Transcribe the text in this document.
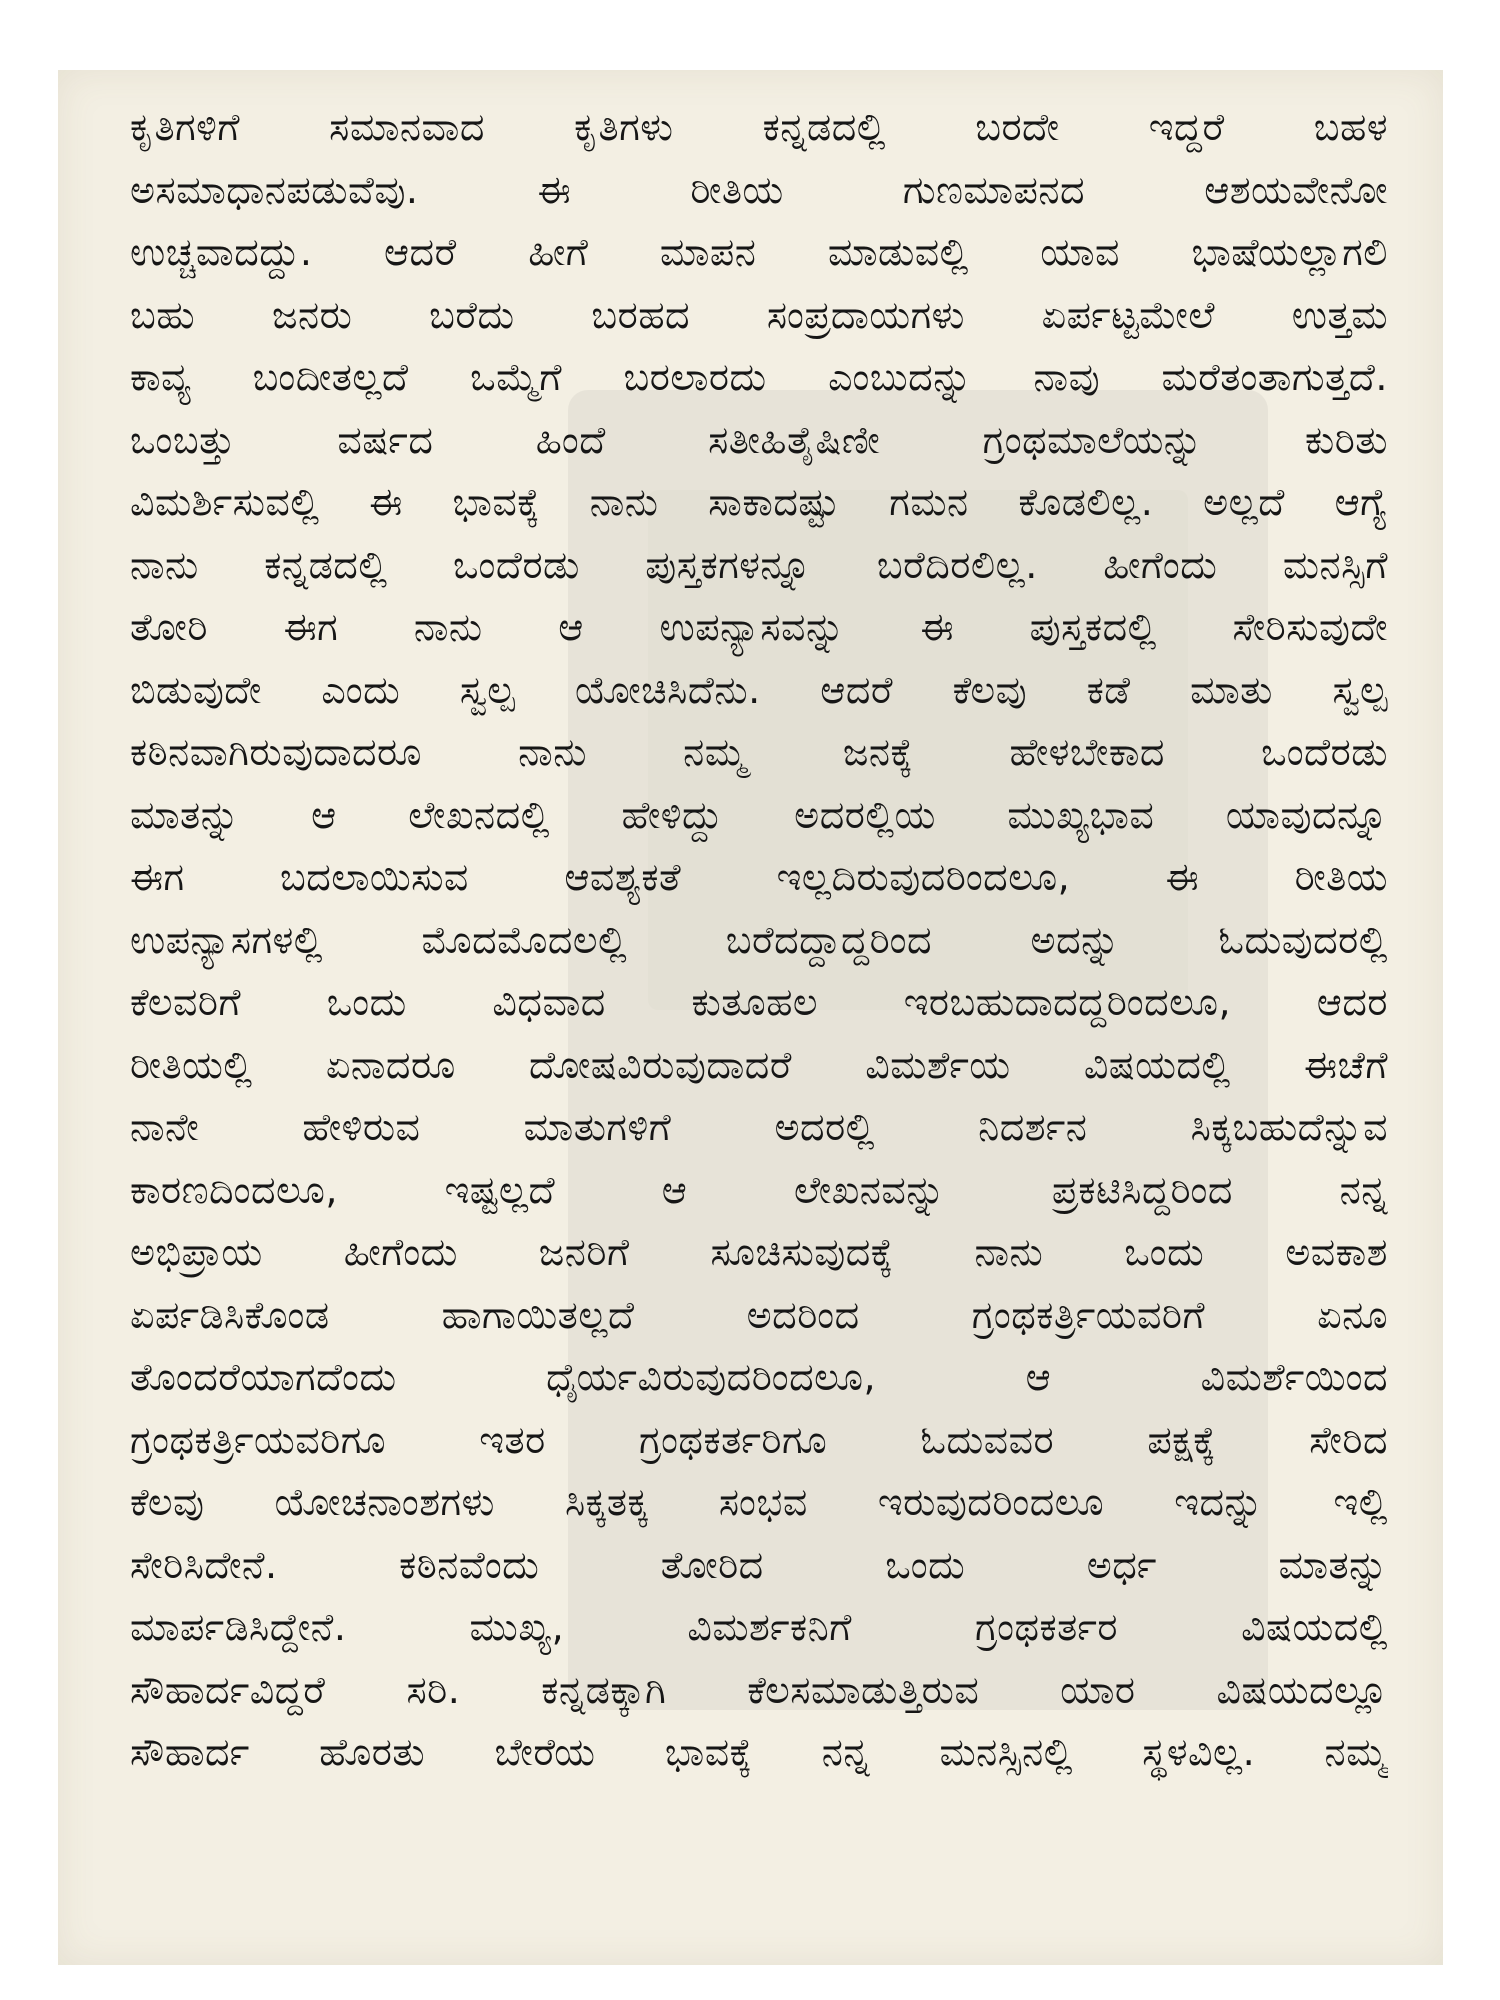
ಕೃತಿಗಳಿಗೆ ಸಮಾನವಾದ ಕೃತಿಗಳು ಕನ್ನಡದಲ್ಲಿ ಬರದೇ ಇದ್ದರೆ ಬಹಳ
ಅಸಮಾಧಾನಪಡುವೆವು. ಈ ರೀತಿಯ ಗುಣಮಾಪನದ ಆಶಯವೇನೋ
ಉಚ್ಚವಾದದ್ದು. ಆದರೆ ಹೀಗೆ ಮಾಪನ ಮಾಡುವಲ್ಲಿ ಯಾವ ಭಾಷೆಯಲ್ಲಾಗಲಿ
ಬಹು ಜನರು ಬರೆದು ಬರಹದ ಸಂಪ್ರದಾಯಗಳು ಏರ್ಪಟ್ಟಮೇಲೆ ಉತ್ತಮ
ಕಾವ್ಯ ಬಂದೀತಲ್ಲದೆ ಒಮ್ಮೆಗೆ ಬರಲಾರದು ಎಂಬುದನ್ನು ನಾವು ಮರೆತಂತಾಗುತ್ತದೆ.
ಒಂಬತ್ತು ವರ್ಷದ ಹಿಂದೆ ಸತೀಹಿತೈಷಿಣೀ ಗ್ರಂಥಮಾಲೆಯನ್ನು ಕುರಿತು
ವಿಮರ್ಶಿಸುವಲ್ಲಿ ಈ ಭಾವಕ್ಕೆ ನಾನು ಸಾಕಾದಷ್ಟು ಗಮನ ಕೊಡಲಿಲ್ಲ. ಅಲ್ಲದೆ ಆಗ್ಯೆ
ನಾನು ಕನ್ನಡದಲ್ಲಿ ಒಂದೆರಡು ಪುಸ್ತಕಗಳನ್ನೂ ಬರೆದಿರಲಿಲ್ಲ. ಹೀಗೆಂದು ಮನಸ್ಸಿಗೆ
ತೋರಿ ಈಗ ನಾನು ಆ ಉಪನ್ಯಾಸವನ್ನು ಈ ಪುಸ್ತಕದಲ್ಲಿ ಸೇರಿಸುವುದೇ
ಬಿಡುವುದೇ ಎಂದು ಸ್ವಲ್ಪ ಯೋಚಿಸಿದೆನು. ಆದರೆ ಕೆಲವು ಕಡೆ ಮಾತು ಸ್ವಲ್ಪ
ಕಠಿನವಾಗಿರುವುದಾದರೂ ನಾನು ನಮ್ಮ ಜನಕ್ಕೆ ಹೇಳಬೇಕಾದ ಒಂದೆರಡು
ಮಾತನ್ನು ಆ ಲೇಖನದಲ್ಲಿ ಹೇಳಿದ್ದು ಅದರಲ್ಲಿಯ ಮುಖ್ಯಭಾವ ಯಾವುದನ್ನೂ
ಈಗ ಬದಲಾಯಿಸುವ ಆವಶ್ಯಕತೆ ಇಲ್ಲದಿರುವುದರಿಂದಲೂ, ಈ ರೀತಿಯ
ಉಪನ್ಯಾಸಗಳಲ್ಲಿ ಮೊದಮೊದಲಲ್ಲಿ ಬರೆದದ್ದಾದ್ದರಿಂದ ಅದನ್ನು ಓದುವುದರಲ್ಲಿ
ಕೆಲವರಿಗೆ ಒಂದು ವಿಧವಾದ ಕುತೂಹಲ ಇರಬಹುದಾದದ್ದರಿಂದಲೂ, ಆದರ
ರೀತಿಯಲ್ಲಿ ಏನಾದರೂ ದೋಷವಿರುವುದಾದರೆ ವಿಮರ್ಶೆಯ ವಿಷಯದಲ್ಲಿ ಈಚೆಗೆ
ನಾನೇ ಹೇಳಿರುವ ಮಾತುಗಳಿಗೆ ಅದರಲ್ಲಿ ನಿದರ್ಶನ ಸಿಕ್ಕಬಹುದೆನ್ನುವ
ಕಾರಣದಿಂದಲೂ, ಇಷ್ಟಲ್ಲದೆ ಆ ಲೇಖನವನ್ನು ಪ್ರಕಟಿಸಿದ್ದರಿಂದ ನನ್ನ
ಅಭಿಪ್ರಾಯ ಹೀಗೆಂದು ಜನರಿಗೆ ಸೂಚಿಸುವುದಕ್ಕೆ ನಾನು ಒಂದು ಅವಕಾಶ
ಏರ್ಪಡಿಸಿಕೊಂಡ ಹಾಗಾಯಿತಲ್ಲದೆ ಅದರಿಂದ ಗ್ರಂಥಕರ್ತ್ರಿಯವರಿಗೆ ಏನೂ
ತೊಂದರೆಯಾಗದೆಂದು ಧೈರ್ಯವಿರುವುದರಿಂದಲೂ, ಆ ವಿಮರ್ಶೆಯಿಂದ
ಗ್ರಂಥಕರ್ತ್ರಿಯವರಿಗೂ ಇತರ ಗ್ರಂಥಕರ್ತರಿಗೂ ಓದುವವರ ಪಕ್ಷಕ್ಕೆ ಸೇರಿದ
ಕೆಲವು ಯೋಚನಾಂಶಗಳು ಸಿಕ್ಕತಕ್ಕ ಸಂಭವ ಇರುವುದರಿಂದಲೂ ಇದನ್ನು ಇಲ್ಲಿ
ಸೇರಿಸಿದೇನೆ. ಕಠಿನವೆಂದು ತೋರಿದ ಒಂದು ಅರ್ಧ ಮಾತನ್ನು
ಮಾರ್ಪಡಿಸಿದ್ದೇನೆ. ಮುಖ್ಯ, ವಿಮರ್ಶಕನಿಗೆ ಗ್ರಂಥಕರ್ತರ ವಿಷಯದಲ್ಲಿ
ಸೌಹಾರ್ದವಿದ್ದರೆ ಸರಿ. ಕನ್ನಡಕ್ಕಾಗಿ ಕೆಲಸಮಾಡುತ್ತಿರುವ ಯಾರ ವಿಷಯದಲ್ಲೂ
ಸೌಹಾರ್ದ ಹೊರತು ಬೇರೆಯ ಭಾವಕ್ಕೆ ನನ್ನ ಮನಸ್ಸಿನಲ್ಲಿ ಸ್ಥಳವಿಲ್ಲ. ನಮ್ಮ
